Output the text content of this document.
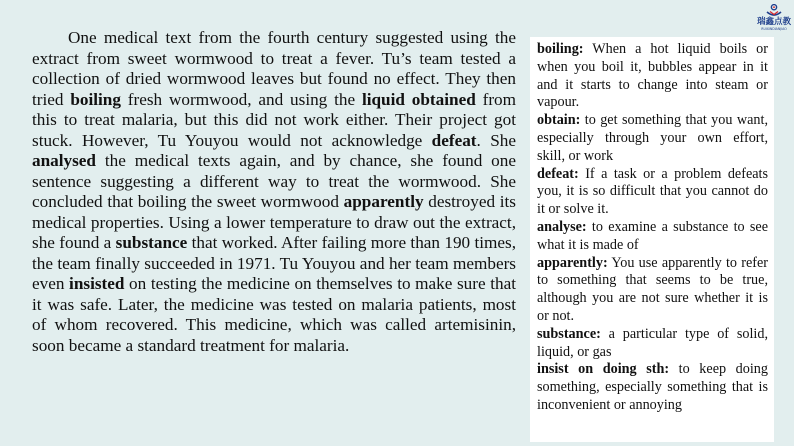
瑞鑫点教
RUIXINDIANJIAO

One medical text from the fourth century suggested using the extract from sweet wormwood to treat a fever. Tu’s team tested a collection of dried wormwood leaves but found no effect. They then tried boiling fresh wormwood, and using the liquid obtained from this to treat malaria, but this did not work either. Their project got stuck. However, Tu Youyou would not acknowledge defeat. She analysed the medical texts again, and by chance, she found one sentence suggesting a different way to treat the wormwood. She concluded that boiling the sweet wormwood apparently destroyed its medical properties. Using a lower temperature to draw out the extract, she found a substance that worked. After failing more than 190 times, the team finally succeeded in 1971. Tu Youyou and her team members even insisted on testing the medicine on themselves to make sure that it was safe. Later, the medicine was tested on malaria patients, most of whom recovered. This medicine, which was called artemisinin, soon became a standard treatment for malaria.

boiling: When a hot liquid boils or when you boil it, bubbles appear in it and it starts to change into steam or vapour.

obtain: to get something that you want, especially through your own effort, skill, or work

defeat: If a task or a problem defeats you, it is so difficult that you cannot do it or solve it.

analyse: to examine a substance to see what it is made of

apparently: You use apparently to refer to something that seems to be true, although you are not sure whether it is or not.

substance: a particular type of solid, liquid, or gas

insist on doing sth: to keep doing something, especially something that is inconvenient or annoying
